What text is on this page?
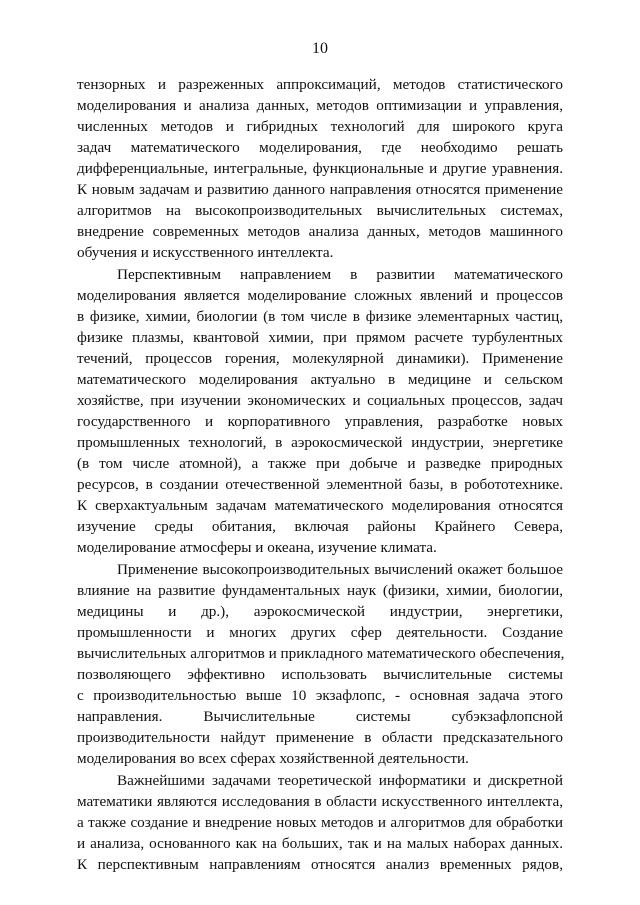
10
тензорных и разреженных аппроксимаций, методов статистического
моделирования и анализа данных, методов оптимизации и управления,
численных методов и гибридных технологий для широкого круга
задач математического моделирования, где необходимо решать
дифференциальные, интегральные, функциональные и другие уравнения.
К новым задачам и развитию данного направления относятся применение
алгоритмов на высокопроизводительных вычислительных системах,
внедрение современных методов анализа данных, методов машинного
обучения и искусственного интеллекта.
Перспективным направлением в развитии математического
моделирования является моделирование сложных явлений и процессов
в физике, химии, биологии (в том числе в физике элементарных частиц,
физике плазмы, квантовой химии, при прямом расчете турбулентных
течений, процессов горения, молекулярной динамики). Применение
математического моделирования актуально в медицине и сельском
хозяйстве, при изучении экономических и социальных процессов, задач
государственного и корпоративного управления, разработке новых
промышленных технологий, в аэрокосмической индустрии, энергетике
(в том числе атомной), а также при добыче и разведке природных
ресурсов, в создании отечественной элементной базы, в робототехнике.
К сверхактуальным задачам математического моделирования относятся
изучение среды обитания, включая районы Крайнего Севера,
моделирование атмосферы и океана, изучение климата.
Применение высокопроизводительных вычислений окажет большое
влияние на развитие фундаментальных наук (физики, химии, биологии,
медицины и др.), аэрокосмической индустрии, энергетики,
промышленности и многих других сфер деятельности. Создание
вычислительных алгоритмов и прикладного математического обеспечения,
позволяющего эффективно использовать вычислительные системы
с производительностью выше 10 экзафлопс, - основная задача этого
направления. Вычислительные системы субэкзафлопсной
производительности найдут применение в области предсказательного
моделирования во всех сферах хозяйственной деятельности.
Важнейшими задачами теоретической информатики и дискретной
математики являются исследования в области искусственного интеллекта,
а также создание и внедрение новых методов и алгоритмов для обработки
и анализа, основанного как на больших, так и на малых наборах данных.
К перспективным направлениям относятся анализ временных рядов,
